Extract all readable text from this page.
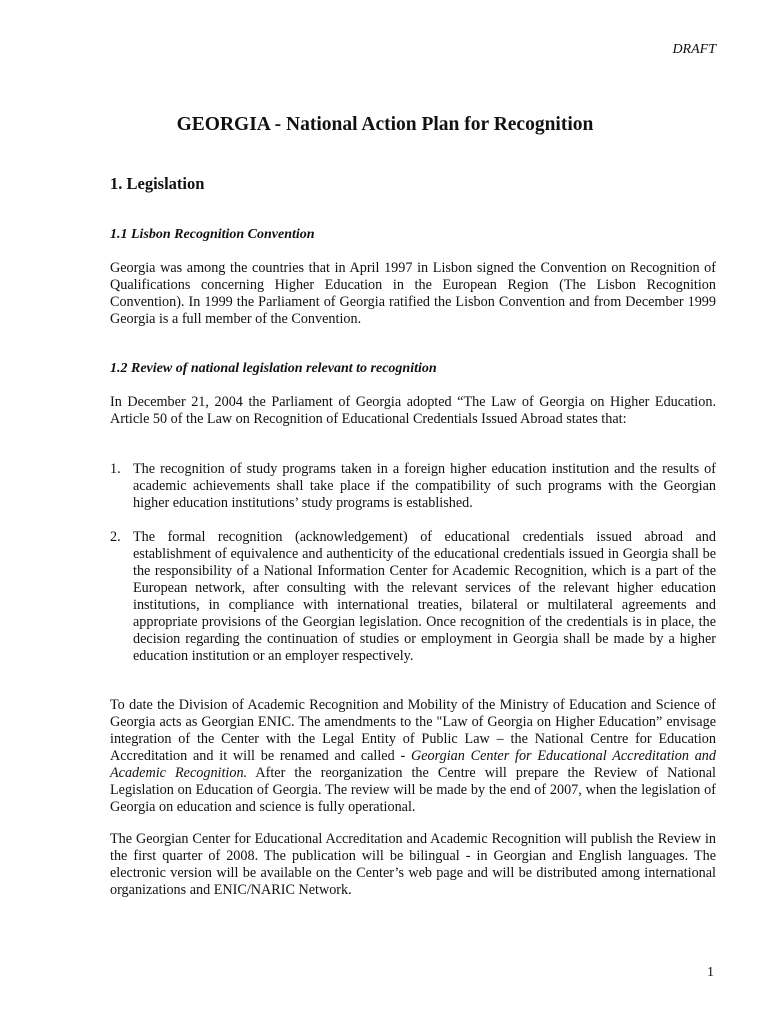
DRAFT
GEORGIA - National Action Plan for Recognition
1. Legislation
1.1 Lisbon Recognition Convention

Georgia was among the countries that in April 1997 in Lisbon signed the Convention on Recognition of Qualifications concerning Higher Education in the European Region (The Lisbon Recognition Convention). In 1999 the Parliament of Georgia ratified the Lisbon Convention and from December 1999 Georgia is a full member of the Convention.

1.2 Review of national legislation relevant to recognition

In December 21, 2004 the Parliament of Georgia adopted “The Law of Georgia on Higher Education. Article 50 of the Law on Recognition of Educational Credentials Issued Abroad states that:

1. The recognition of study programs taken in a foreign higher education institution and the results of academic achievements shall take place if the compatibility of such programs with the Georgian higher education institutions’ study programs is established.
2. The formal recognition (acknowledgement) of educational credentials issued abroad and establishment of equivalence and authenticity of the educational credentials issued in Georgia shall be the responsibility of a National Information Center for Academic Recognition, which is a part of the European network, after consulting with the relevant services of the relevant higher education institutions, in compliance with international treaties, bilateral or multilateral agreements and appropriate provisions of the Georgian legislation. Once recognition of the credentials is in place, the decision regarding the continuation of studies or employment in Georgia shall be made by a higher education institution or an employer respectively.

To date the Division of Academic Recognition and Mobility of the Ministry of Education and Science of Georgia acts as Georgian ENIC. The amendments to the "Law of Georgia on Higher Education” envisage integration of the Center with the Legal Entity of Public Law – the National Centre for Education Accreditation and it will be renamed and called - Georgian Center for Educational Accreditation and Academic Recognition. After the reorganization the Centre will prepare the Review of National Legislation on Education of Georgia. The review will be made by the end of 2007, when the legislation of Georgia on education and science is fully operational.

The Georgian Center for Educational Accreditation and Academic Recognition will publish the Review in the first quarter of 2008. The publication will be bilingual - in Georgian and English languages. The electronic version will be available on the Center’s web page and will be distributed among international organizations and ENIC/NARIC Network.

1
